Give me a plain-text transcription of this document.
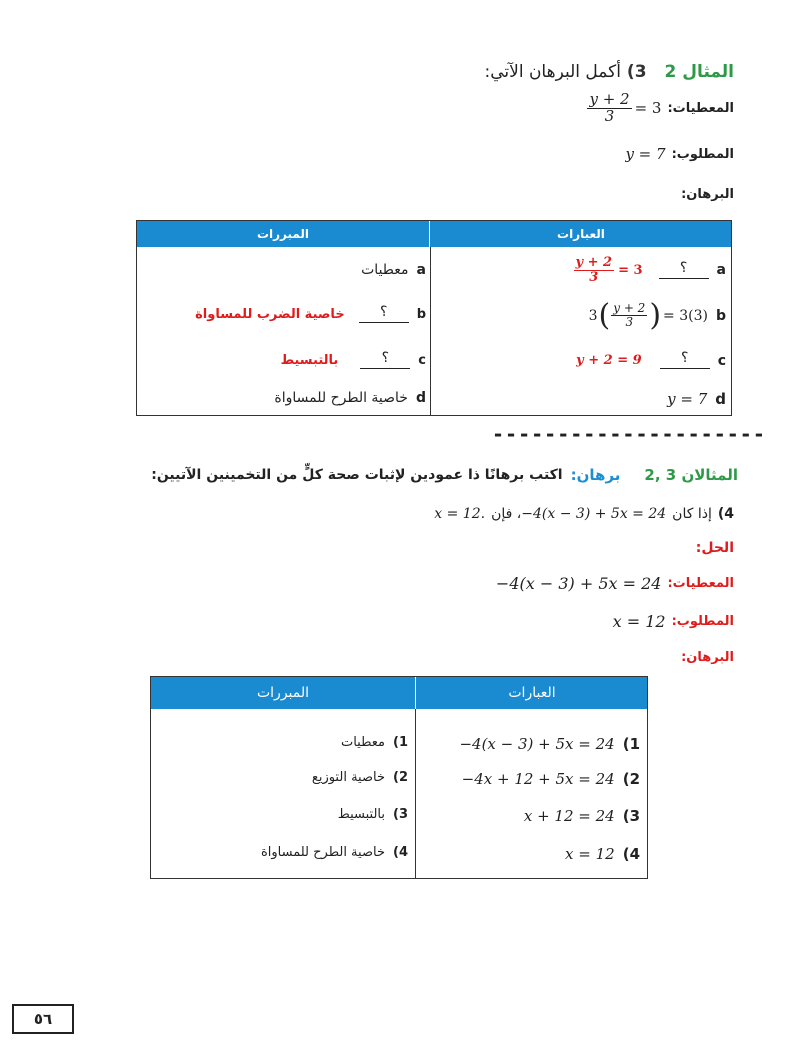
المثال 2
3)
أكمل البرهان الآتي:
المعطيات:
$\frac{y + 2}{3} = 3$
المطلوب:
y = 7
البرهان:
المبررات	العبارات
a
؟
$\frac{y + 2}{3} = 3$
b
3 ( $\frac{y + 2}{3}$ ) = 3(3)
c
؟
y + 2 = 9
d
y = 7
a
معطيات
b
؟
خاصية الضرب للمساواة
c
؟
بالتبسيط
d
خاصية الطرح للمساواة
---------------------
المثالان 3 ,2
برهان:
اكتب برهانًا ذا عمودين لإثبات صحة كلٍّ من التخمينين الآتيين:
4)
إذا كان
−4(x − 3) + 5x = 24
، فإن
x = 12.
الحل:
المعطيات:
−4(x − 3) + 5x = 24
المطلوب:
x = 12
البرهان:
المبررات	العبارات
1)
−4(x − 3) + 5x = 24
2)
−4x + 12 + 5x = 24
3)
x + 12 = 24
4)
x = 12
1)
معطيات
2)
خاصية التوزيع
3)
بالتبسيط
4)
خاصية الطرح للمساواة
٥٦
